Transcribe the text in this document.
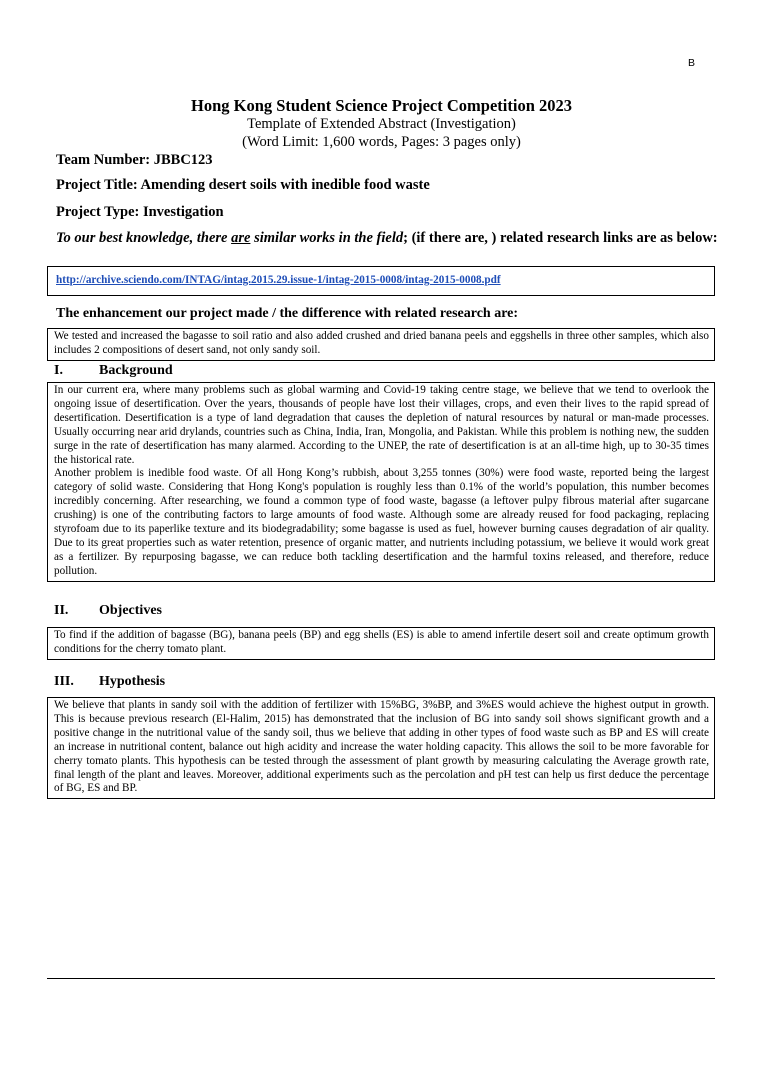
B
Hong Kong Student Science Project Competition 2023
Template of Extended Abstract (Investigation)
(Word Limit: 1,600 words, Pages: 3 pages only)
Team Number: JBBC123
Project Title: Amending desert soils with inedible food waste
Project Type: Investigation
To our best knowledge, there are similar works in the field; (if there are, ) related research links are as below:
http://archive.sciendo.com/INTAG/intag.2015.29.issue-1/intag-2015-0008/intag-2015-0008.pdf
The enhancement our project made / the difference with related research are:

We tested and increased the bagasse to soil ratio and also added crushed and dried banana peels and eggshells in three other samples, which also includes 2 compositions of desert sand, not only sandy soil.

I.	Background

In our current era, where many problems such as global warming and Covid-19 taking centre stage, we believe that we tend to overlook the ongoing issue of desertification. Over the years, thousands of people have lost their villages, crops, and even their lives to the rapid spread of desertification. Desertification is a type of land degradation that causes the depletion of natural resources by natural or man-made processes. Usually occurring near arid drylands, countries such as China, India, Iran, Mongolia, and Pakistan. While this problem is nothing new, the sudden surge in the rate of desertification has many alarmed. According to the UNEP, the rate of desertification is at an all-time high, up to 30-35 times the historical rate.

Another problem is inedible food waste. Of all Hong Kong’s rubbish, about 3,255 tonnes (30%) were food waste, reported being the largest category of solid waste. Considering that Hong Kong's population is roughly less than 0.1% of the world’s population, this number becomes incredibly concerning. After researching, we found a common type of food waste, bagasse (a leftover pulpy fibrous material after sugarcane crushing) is one of the contributing factors to large amounts of food waste. Although some are already reused for food packaging, replacing styrofoam due to its paperlike texture and its biodegradability; some bagasse is used as fuel, however burning causes degradation of air quality. Due to its great properties such as water retention, presence of organic matter, and nutrients including potassium, we believe it would work great as a fertilizer. By repurposing bagasse, we can reduce both tackling desertification and the harmful toxins released, and therefore, reduce pollution.

II. Objectives

To find if the addition of bagasse (BG), banana peels (BP) and egg shells (ES) is able to amend infertile desert soil and create optimum growth conditions for the cherry tomato plant.

III. Hypothesis

We believe that plants in sandy soil with the addition of fertilizer with 15%BG, 3%BP, and 3%ES would achieve the highest output in growth. This is because previous research (El-Halim, 2015) has demonstrated that the inclusion of BG into sandy soil shows significant growth and a positive change in the nutritional value of the sandy soil, thus we believe that adding in other types of food waste such as BP and ES will create an increase in nutritional content, balance out high acidity and increase the water holding capacity. This allows the soil to be more favorable for cherry tomato plants. This hypothesis can be tested through the assessment of plant growth by measuring calculating the Average growth rate, final length of the plant and leaves. Moreover, additional experiments such as the percolation and pH test can help us first deduce the percentage of BG, ES and BP.
